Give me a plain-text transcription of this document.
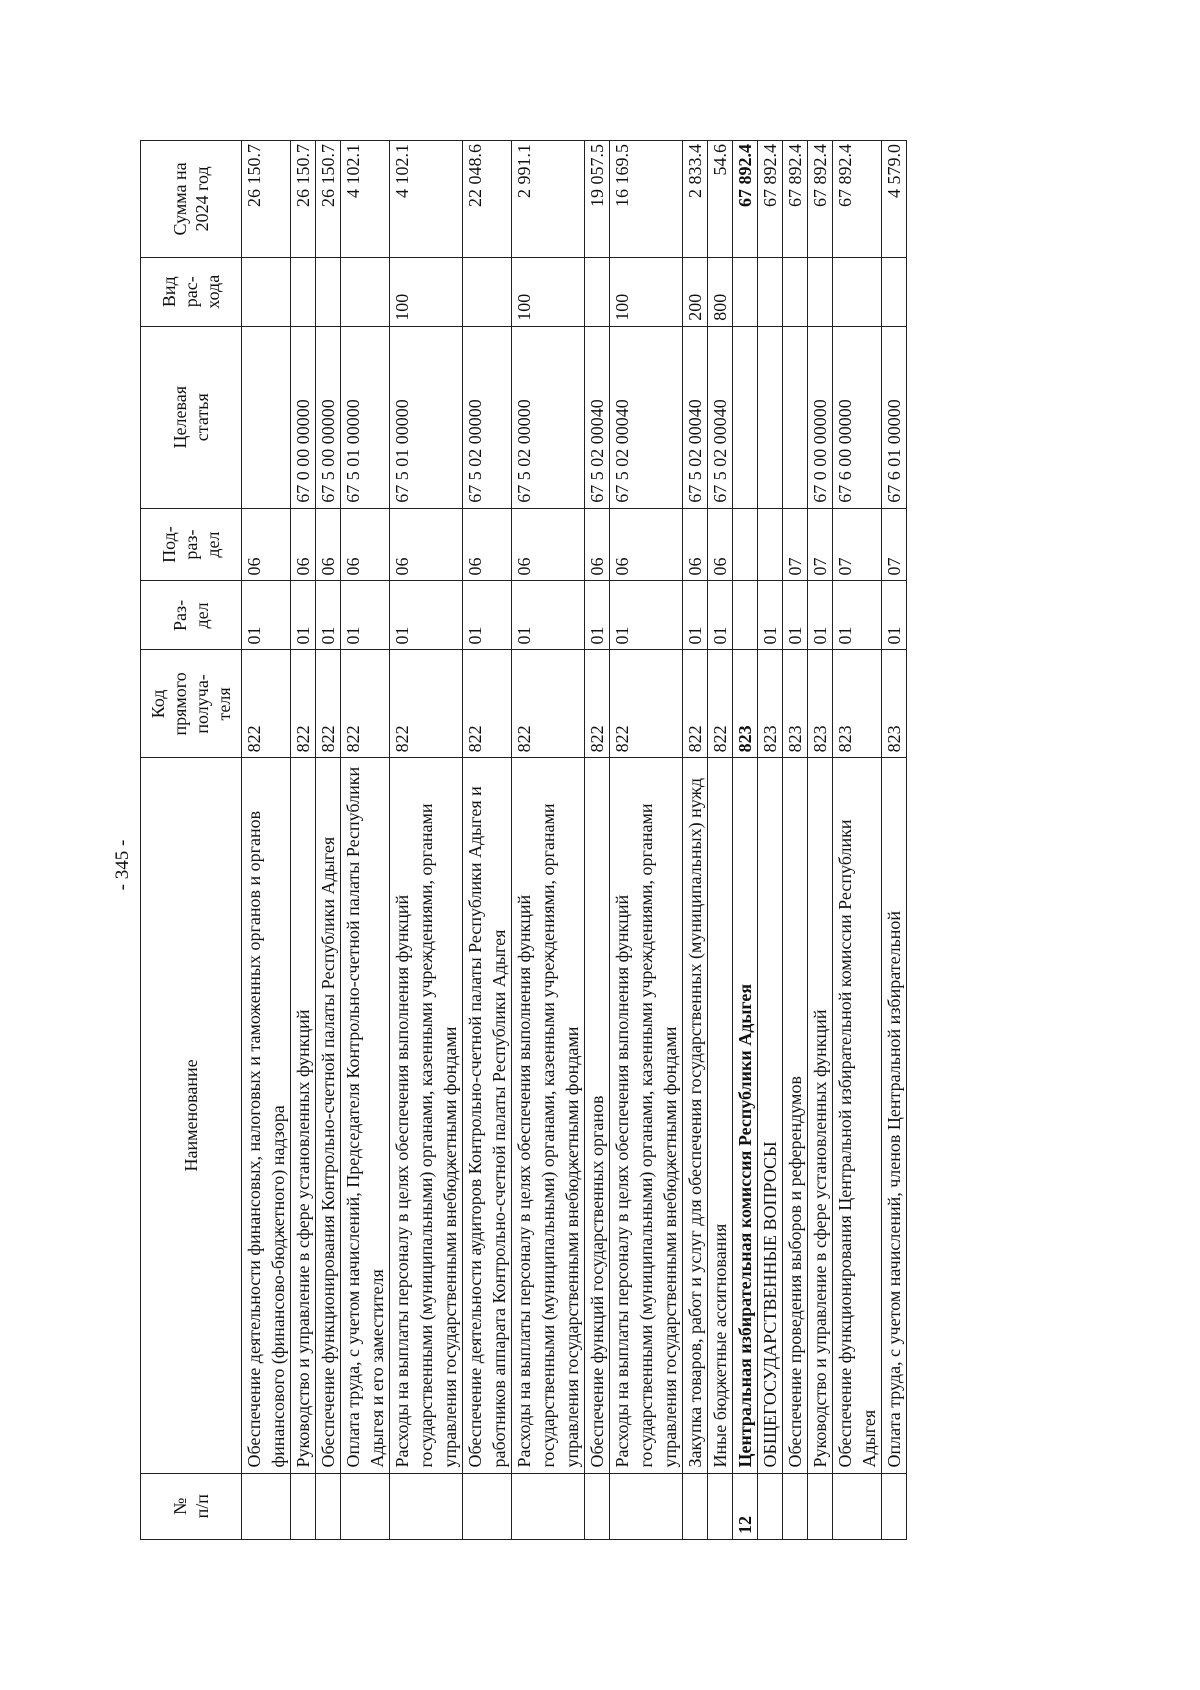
- 345 -
№
п/п	Наименование	Код
прямого
получа-
теля	Раз-
дел	Под-
раз-
дел	Целевая
статья	Вид
рас-
хода	Сумма на
2024 год
	Обеспечение деятельности финансовых, налоговых и таможенных органов и органов финансового (финансово-бюджетного) надзора	822	01	06			26 150.7
	Руководство и управление в сфере установленных функций	822	01	06	67 0 00 00000		26 150.7
	Обеспечение функционирования Контрольно-счетной палаты Республики Адыгея	822	01	06	67 5 00 00000		26 150.7
	Оплата труда, с учетом начислений, Председателя Контрольно-счетной палаты Республики Адыгея и его заместителя	822	01	06	67 5 01 00000		4 102.1
	Расходы на выплаты персоналу в целях обеспечения выполнения функций государственными (муниципальными) органами, казенными учреждениями, органами управления государственными внебюджетными фондами	822	01	06	67 5 01 00000	100	4 102.1
	Обеспечение деятельности аудиторов Контрольно-счетной палаты Республики Адыгея и работников аппарата Контрольно-счетной палаты Республики Адыгея	822	01	06	67 5 02 00000		22 048.6
	Расходы на выплаты персоналу в целях обеспечения выполнения функций государственными (муниципальными) органами, казенными учреждениями, органами управления государственными внебюджетными фондами	822	01	06	67 5 02 00000	100	2 991.1
	Обеспечение функций государственных органов	822	01	06	67 5 02 00040		19 057.5
	Расходы на выплаты персоналу в целях обеспечения выполнения функций государственными (муниципальными) органами, казенными учреждениями, органами управления государственными внебюджетными фондами	822	01	06	67 5 02 00040	100	16 169.5
	Закупка товаров, работ и услуг для обеспечения государственных (муниципальных) нужд	822	01	06	67 5 02 00040	200	2 833.4
	Иные бюджетные ассигнования	822	01	06	67 5 02 00040	800	54.6
12	Центральная избирательная комиссия Республики Адыгея	823					67 892.4
	ОБЩЕГОСУДАРСТВЕННЫЕ ВОПРОСЫ	823	01				67 892.4
	Обеспечение проведения выборов и референдумов	823	01	07			67 892.4
	Руководство и управление в сфере установленных функций	823	01	07	67 0 00 00000		67 892.4
	Обеспечение функционирования Центральной избирательной комиссии Республики Адыгея	823	01	07	67 6 00 00000		67 892.4
	Оплата труда, с учетом начислений, членов Центральной избирательной	823	01	07	67 6 01 00000		4 579.0
